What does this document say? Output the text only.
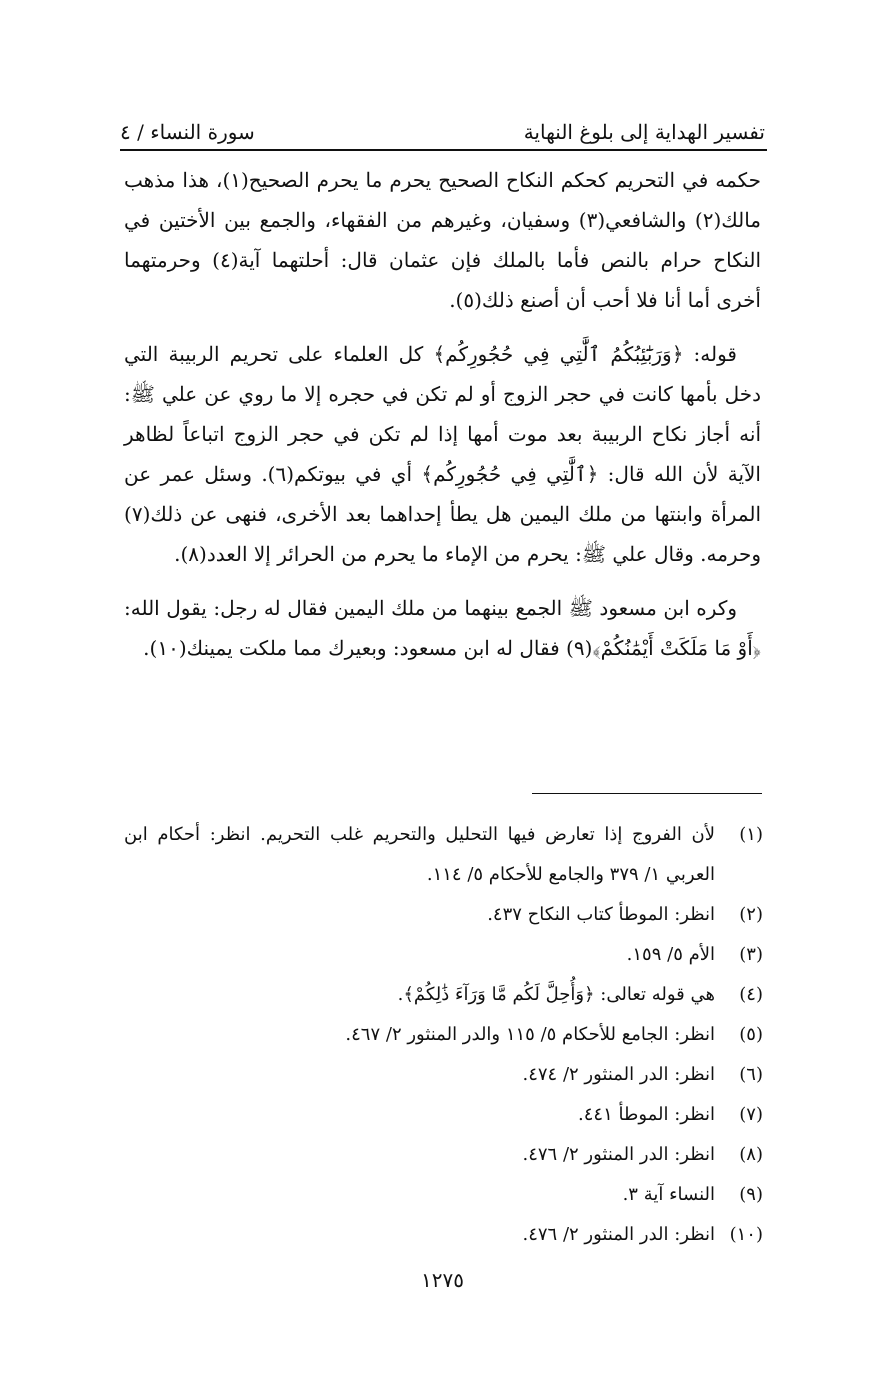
تفسير الهداية إلى بلوغ النهاية
سورة النساء / ٤

حكمه في التحريم كحكم النكاح الصحيح يحرم ما يحرم الصحيح(١)، هذا مذهب مالك(٢) والشافعي(٣) وسفيان، وغيرهم من الفقهاء، والجمع بين الأختين في النكاح حرام بالنص فأما بالملك فإن عثمان قال: أحلتهما آية(٤) وحرمتهما أخرى أما أنا فلا أحب أن أصنع ذلك(٥).

قوله: ﴿وَرَبَٰٓئِبُكُمُ ٱلَّٰتِي فِي حُجُورِكُم﴾ كل العلماء على تحريم الربيبة التي دخل بأمها كانت في حجر الزوج أو لم تكن في حجره إلا ما روي عن علي ﷺ: أنه أجاز نكاح الربيبة بعد موت أمها إذا لم تكن في حجر الزوج اتباعاً لظاهر الآية لأن الله قال: ﴿ٱلَّٰتِي فِي حُجُورِكُم﴾ أي في بيوتكم(٦). وسئل عمر عن المرأة وابنتها من ملك اليمين هل يطأ إحداهما بعد الأخرى، فنهى عن ذلك(٧) وحرمه. وقال علي ﷺ: يحرم من الإماء ما يحرم من الحرائر إلا العدد(٨).

وكره ابن مسعود ﷺ الجمع بينهما من ملك اليمين فقال له رجل: يقول الله: ﴿أَوْ مَا مَلَكَتْ أَيْمَٰنُكُمْ﴾(٩) فقال له ابن مسعود: وبعيرك مما ملكت يمينك(١٠).

(١)
لأن الفروج إذا تعارض فيها التحليل والتحريم غلب التحريم. انظر: أحكام ابن العربي ١/ ٣٧٩ والجامع للأحكام ٥/ ١١٤.
(٢)
انظر: الموطأ كتاب النكاح ٤٣٧.
(٣)
الأم ٥/ ١٥٩.
(٤)
هي قوله تعالى: ﴿وَأُحِلَّ لَكُم مَّا وَرَآءَ ذَٰلِكُمْ﴾.
(٥)
انظر: الجامع للأحكام ٥/ ١١٥ والدر المنثور ٢/ ٤٦٧.
(٦)
انظر: الدر المنثور ٢/ ٤٧٤.
(٧)
انظر: الموطأ ٤٤١.
(٨)
انظر: الدر المنثور ٢/ ٤٧٦.
(٩)
النساء آية ٣.
(١٠)
انظر: الدر المنثور ٢/ ٤٧٦.
١٢٧٥
